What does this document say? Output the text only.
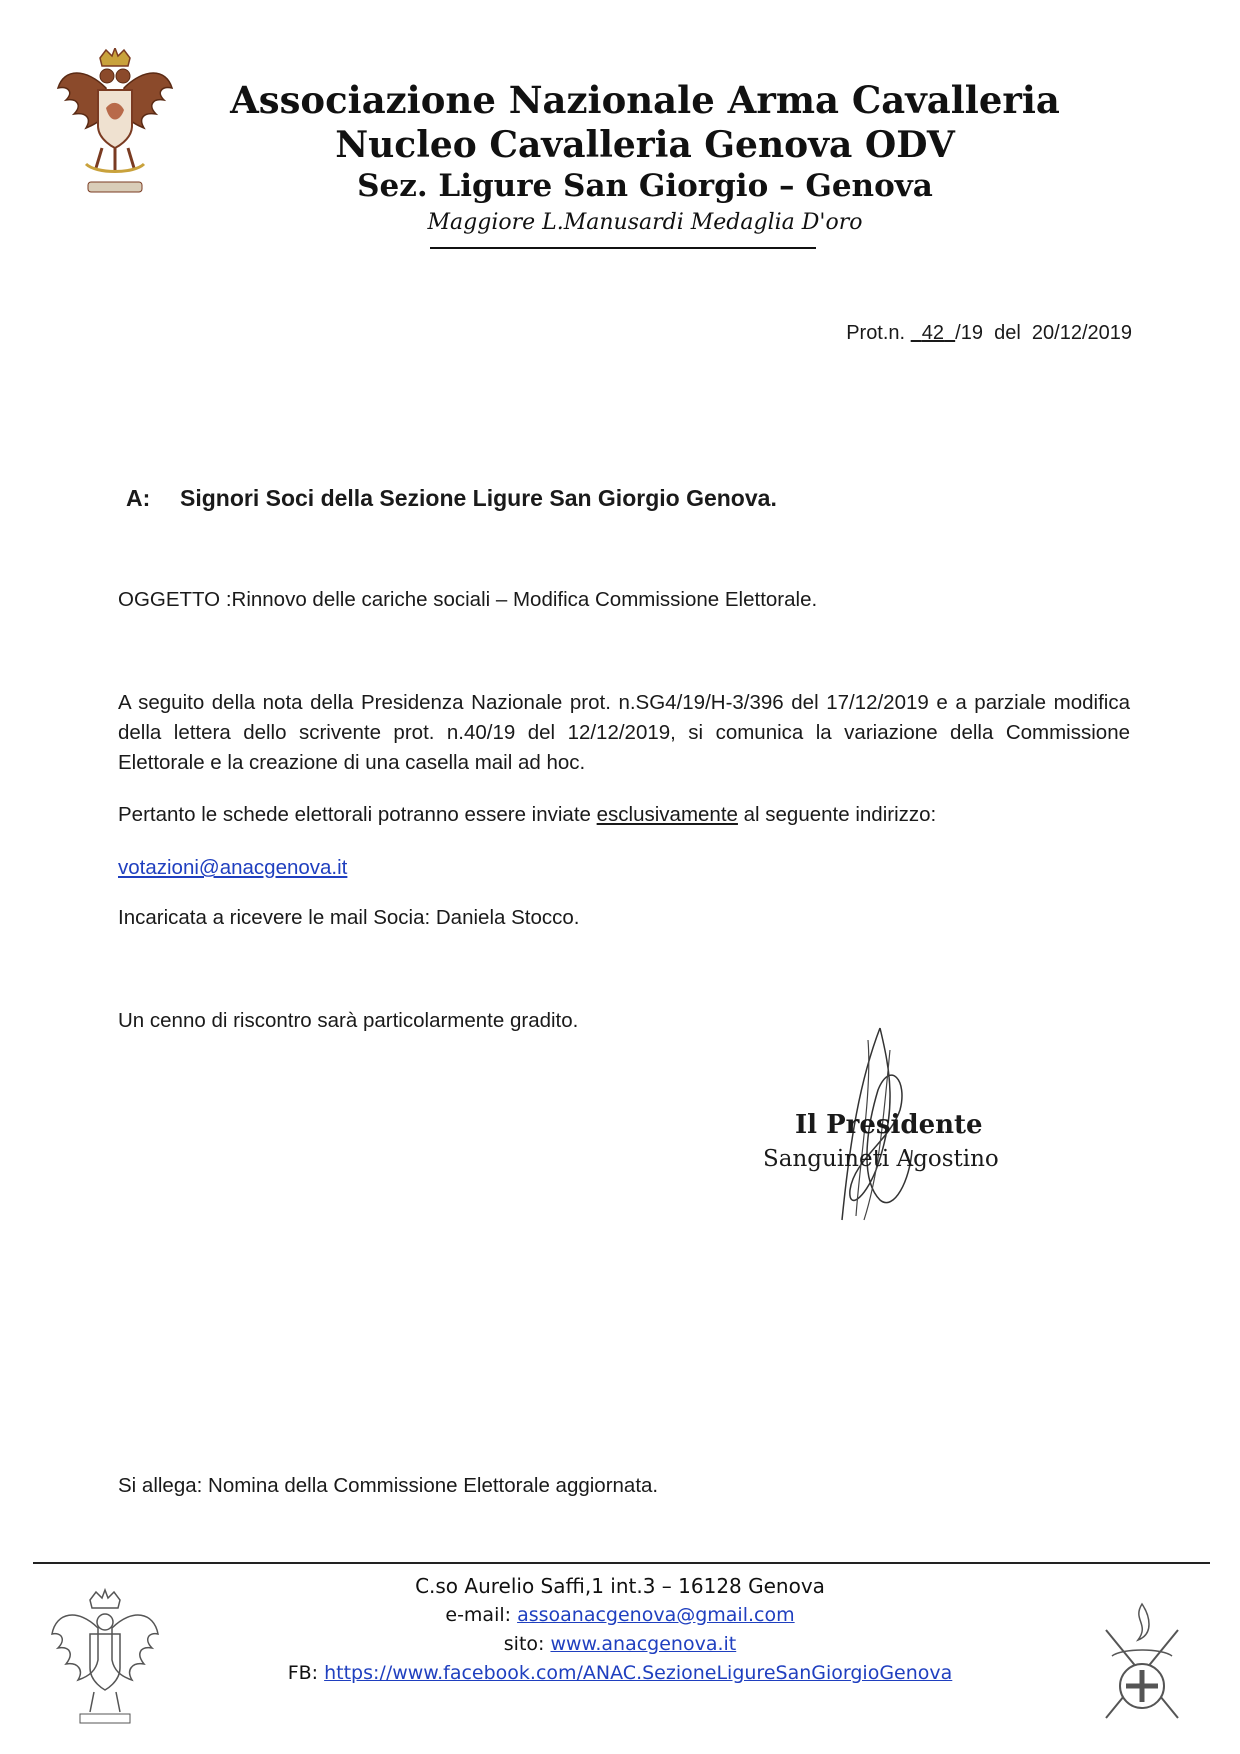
Associazione Nazionale Arma Cavalleria
Nucleo Cavalleria Genova ODV
Sez. Ligure San Giorgio – Genova
Maggiore L.Manusardi Medaglia D'oro
Prot.n. 42 /19  del  20/12/2019
A: Signori Soci della Sezione Ligure San Giorgio Genova.
OGGETTO :Rinnovo delle cariche sociali – Modifica Commissione Elettorale.
A seguito della nota della Presidenza Nazionale prot. n.SG4/19/H-3/396 del 17/12/2019 e a parziale modifica della lettera dello scrivente prot. n.40/19 del 12/12/2019, si comunica la variazione della Commissione Elettorale e la creazione di una casella mail ad hoc.
Pertanto le schede elettorali potranno essere inviate esclusivamente al seguente indirizzo:
votazioni@anacgenova.it
Incaricata a ricevere le mail Socia: Daniela Stocco.
Un cenno di riscontro sarà particolarmente gradito.
Il Presidente
Sanguineti Agostino
Si allega: Nomina della Commissione Elettorale aggiornata.
C.so Aurelio Saffi,1 int.3 – 16128 Genova
e-mail: assoanacgenova@gmail.com
sito: www.anacgenova.it
FB: https://www.facebook.com/ANAC.SezioneLigureSanGiorgioGenova
